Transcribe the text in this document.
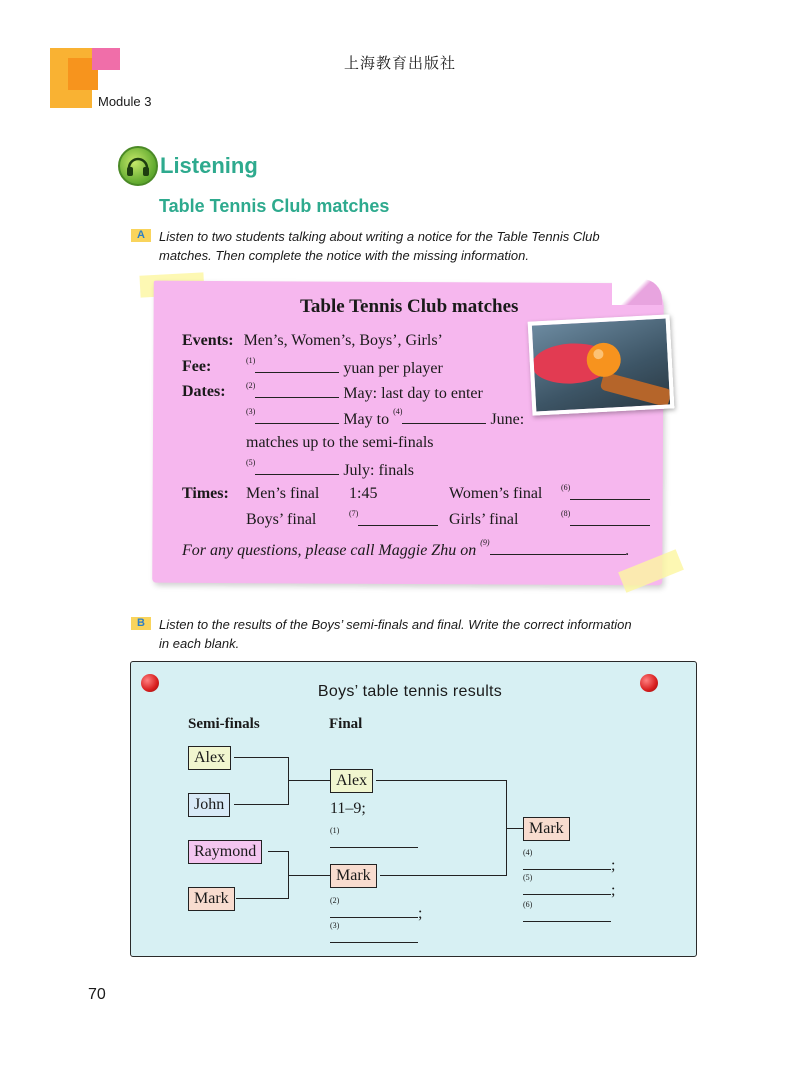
上海教育出版社
Module 3
Listening
Table Tennis Club matches
A	Listen to two students talking about writing a notice for the Table Tennis Club
matches. Then complete the notice with the missing information.
Table Tennis Club matches
Events: Men’s, Women’s, Boys’, Girls’
Fee:	$^{(1)}$	yuan per player
Dates:	$^{(2)}$	May: last day to enter
$^{(3)}$	May to $^{(4)}$	June:
matches up to the semi-finals
$^{(5)}$	July: finals
Times: Men’s final 1:45	Women’s final $^{(6)}$
Boys’ final	$^{(7)}$	Girls’ final	$^{(8)}$
For any questions, please call Maggie Zhu on $^{(9)}$	.
B	Listen to the results of the Boys’ semi-finals and final. Write the correct information
in each blank.
Boys’ table tennis results
Semi-finals	Final
Alex
John
Raymond
Mark
Alex
11–9;
(1)
Mark
(2)
;
(3)
Mark
(4)
;
(5)
;
(6)
70
